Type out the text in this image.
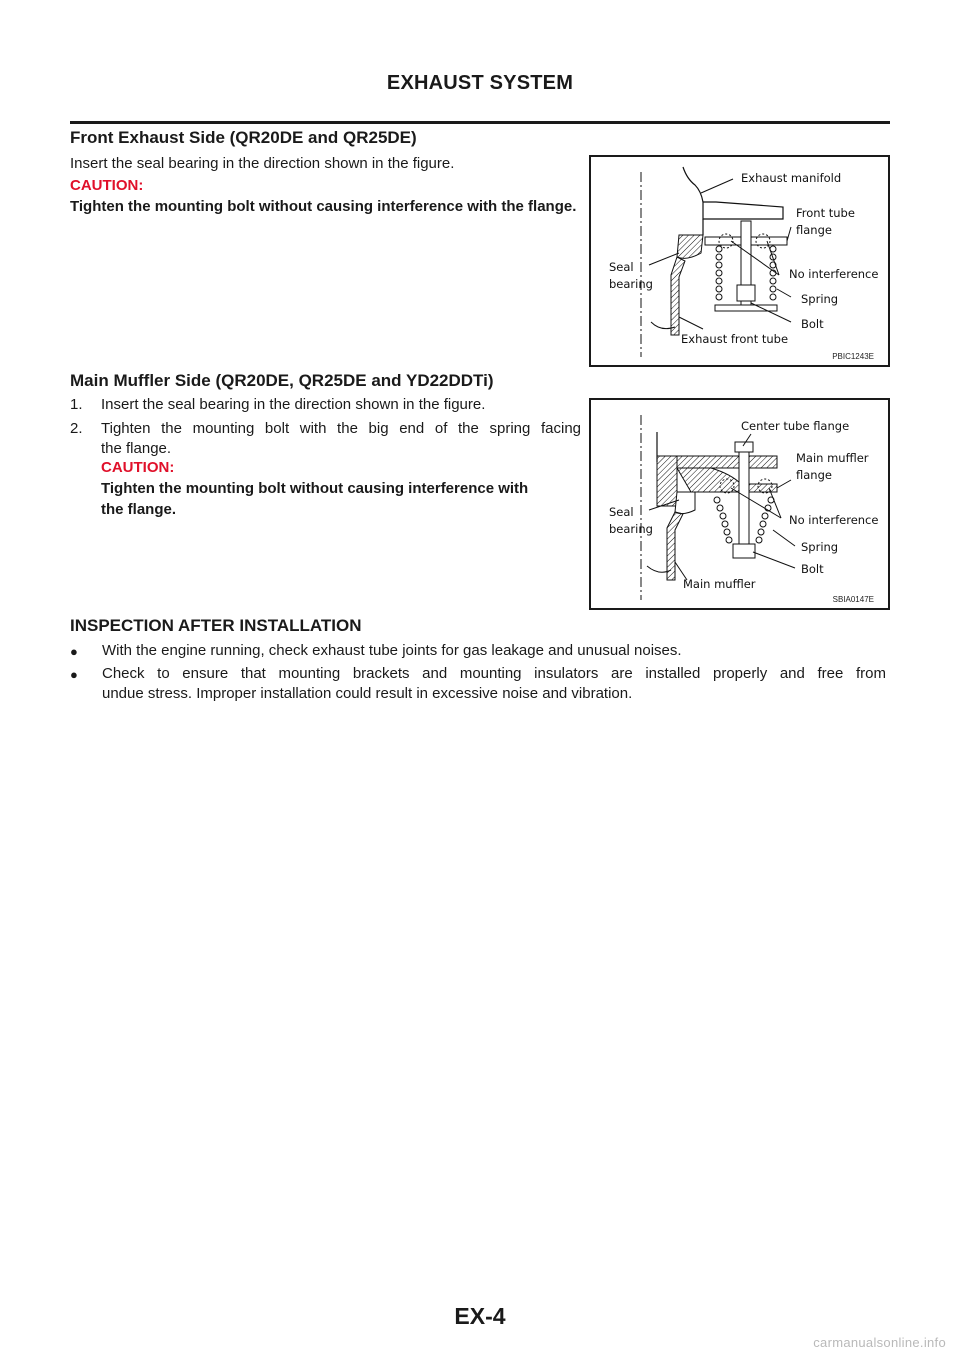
EXHAUST SYSTEM
Front Exhaust Side (QR20DE and QR25DE)

Insert the seal bearing in the direction shown in the figure.

CAUTION:
Tighten the mounting bolt without causing interference with the flange.
Exhaust manifold
Front tube
flange
Seal
bearing
No interference
Spring
Bolt
Exhaust front tube
PBIC1243E
Main Muffler Side (QR20DE, QR25DE and YD22DDTi)
1. Insert the seal bearing in the direction shown in the figure.
2. Tighten the mounting bolt with the big end of the spring facing
the flange.
CAUTION:
Tighten the mounting bolt without causing interference with
the flange.
Center tube flange
Main muffler
flange
Seal
bearing
No interference
Spring
Bolt
Main muffler
SBIA0147E
INSPECTION AFTER INSTALLATION
● With the engine running, check exhaust tube joints for gas leakage and unusual noises.
● Check to ensure that mounting brackets and mounting insulators are installed properly and free from
undue stress. Improper installation could result in excessive noise and vibration.
EX-4
carmanualsonline.info
